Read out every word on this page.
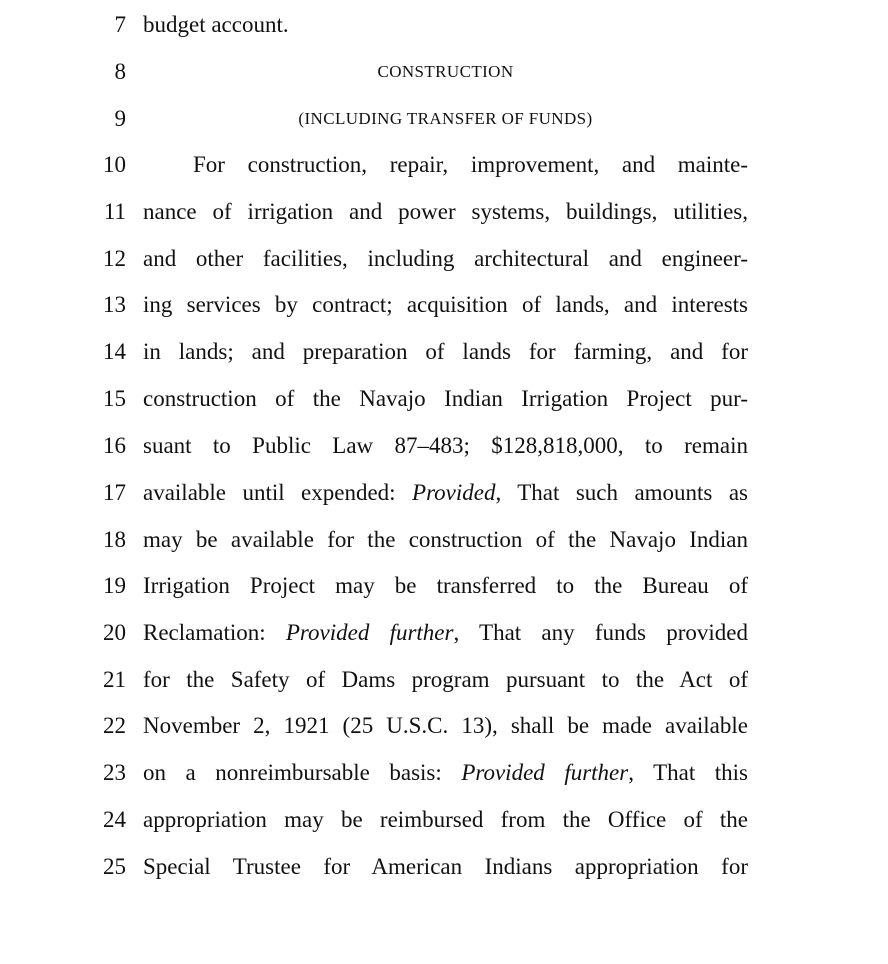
7 budget account.
8	CONSTRUCTION
9	(INCLUDING TRANSFER OF FUNDS)
10	For construction, repair, improvement, and mainte-
11 nance of irrigation and power systems, buildings, utilities,
12 and other facilities, including architectural and engineer-
13 ing services by contract; acquisition of lands, and interests
14 in lands; and preparation of lands for farming, and for
15 construction of the Navajo Indian Irrigation Project pur-
16 suant to Public Law 87–483; $128,818,000, to remain
17 available until expended: Provided, That such amounts as
18 may be available for the construction of the Navajo Indian
19 Irrigation Project may be transferred to the Bureau of
20 Reclamation: Provided further, That any funds provided
21 for the Safety of Dams program pursuant to the Act of
22 November 2, 1921 (25 U.S.C. 13), shall be made available
23 on a nonreimbursable basis: Provided further, That this
24 appropriation may be reimbursed from the Office of the
25 Special Trustee for American Indians appropriation for
